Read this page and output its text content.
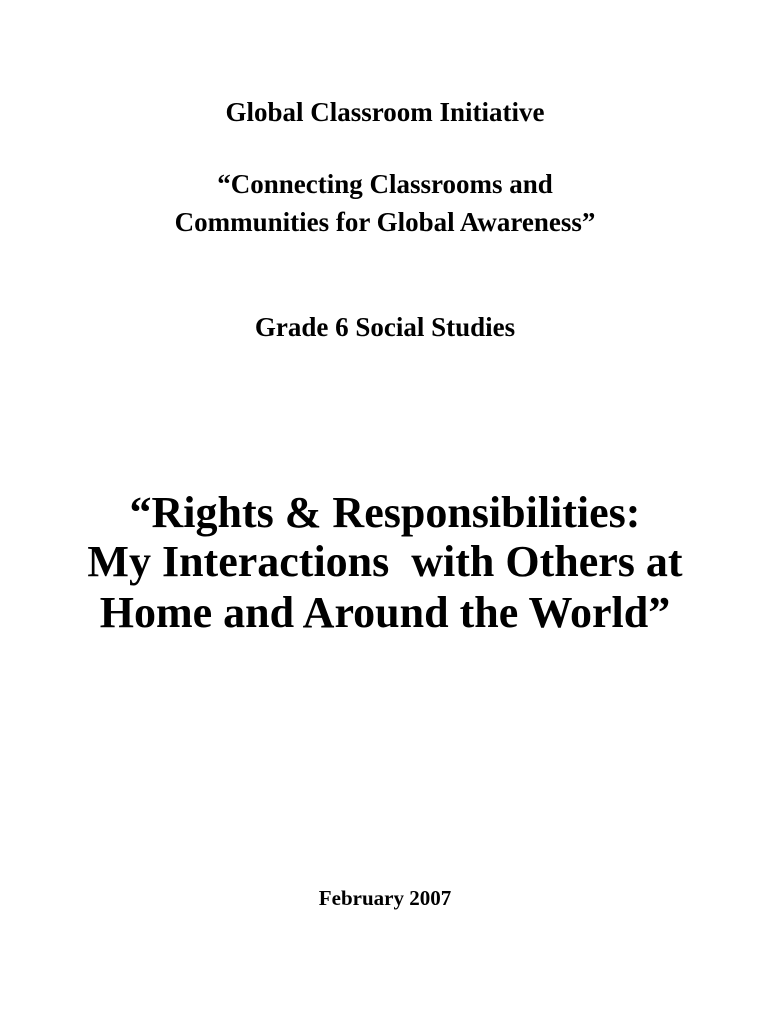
Global Classroom Initiative
“Connecting Classrooms and
Communities for Global Awareness”
Grade 6 Social Studies
“Rights & Responsibilities:
My Interactions  with Others at
Home and Around the World”
February 2007
